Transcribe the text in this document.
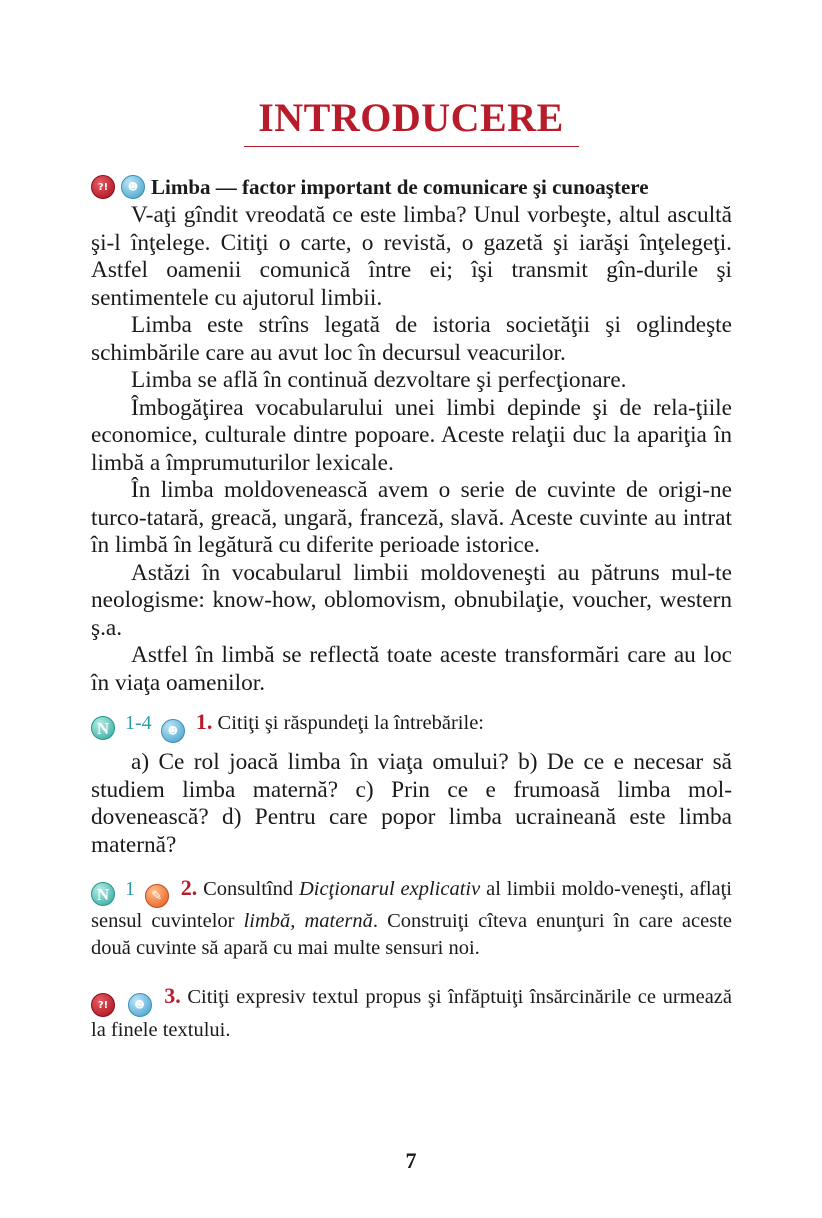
INTRODUCERE
?!	☻ Limba — factor important de comunicare şi cunoaştere

V-aţi gîndit vreodată ce este limba? Unul vorbeşte, altul ascultă şi-l înţelege. Citiţi o carte, o revistă, o gazetă şi iarăşi înţelegeţi. Astfel oamenii comunică între ei; îşi transmit gîn-durile şi sentimentele cu ajutorul limbii.

Limba este strîns legată de istoria societăţii şi oglindeşte schimbările care au avut loc în decursul veacurilor.

Limba se află în continuă dezvoltare şi perfecţionare.

Îmbogăţirea vocabularului unei limbi depinde şi de rela-ţiile economice, culturale dintre popoare. Aceste relaţii duc la apariţia în limbă a împrumuturilor lexicale.

În limba moldovenească avem o serie de cuvinte de origi-ne turco-tatară, greacă, ungară, franceză, slavă. Aceste cuvinte au intrat în limbă în legătură cu diferite perioade istorice.

Astăzi în vocabularul limbii moldoveneşti au pătruns mul-te neologisme: know-how, oblomovism, obnubilaţie, voucher, western ş.a.

Astfel în limbă se reflectă toate aceste transformări care au loc în viaţa oamenilor.

N 1-4 ☻ 1. Citiţi şi răspundeţi la întrebările:

a) Ce rol joacă limba în viaţa omului? b) De ce e necesar să studiem limba maternă? c) Prin ce e frumoasă limba mol-dovenească? d) Pentru care popor limba ucraineană este limba maternă?

N 1 ✎ 2. Consultînd Dicţionarul explicativ al limbii moldo-veneşti, aflaţi sensul cuvintelor limbă, maternă. Construiţi cîteva enunţuri în care aceste două cuvinte să apară cu mai multe sensuri noi.

?!	☻ 3. Citiţi expresiv textul propus şi înfăptuiţi însărcinările ce urmează la finele textului.

7
